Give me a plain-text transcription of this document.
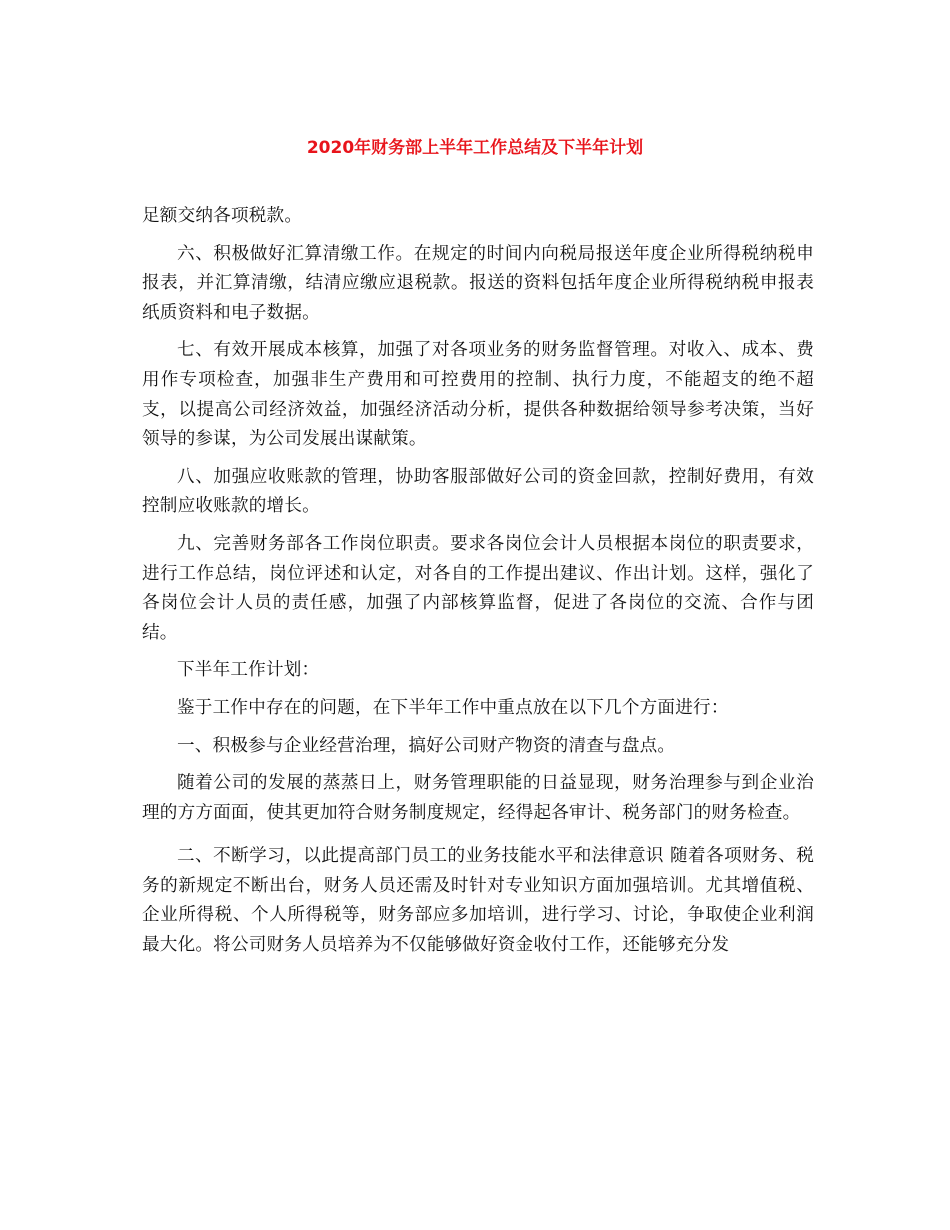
2020年财务部上半年工作总结及下半年计划

足额交纳各项税款。

六、积极做好汇算清缴工作。在规定的时间内向税局报送年度企业所得税纳税申报表，并汇算清缴，结清应缴应退税款。报送的资料包括年度企业所得税纳税申报表纸质资料和电子数据。

七、有效开展成本核算，加强了对各项业务的财务监督管理。对收入、成本、费用作专项检查，加强非生产费用和可控费用的控制、执行力度，不能超支的绝不超支，以提高公司经济效益，加强经济活动分析，提供各种数据给领导参考决策，当好领导的参谋，为公司发展出谋献策。

八、加强应收账款的管理，协助客服部做好公司的资金回款，控制好费用，有效控制应收账款的增长。

九、完善财务部各工作岗位职责。要求各岗位会计人员根据本岗位的职责要求，进行工作总结，岗位评述和认定，对各自的工作提出建议、作出计划。这样，强化了各岗位会计人员的责任感，加强了内部核算监督，促进了各岗位的交流、合作与团结。

下半年工作计划：

鉴于工作中存在的问题，在下半年工作中重点放在以下几个方面进行：

一、积极参与企业经营治理，搞好公司财产物资的清查与盘点。

随着公司的发展的蒸蒸日上，财务管理职能的日益显现，财务治理参与到企业治理的方方面面，使其更加符合财务制度规定，经得起各审计、税务部门的财务检查。

二、不断学习，以此提高部门员工的业务技能水平和法律意识 随着各项财务、税务的新规定不断出台，财务人员还需及时针对专业知识方面加强培训。尤其增值税、企业所得税、个人所得税等，财务部应多加培训，进行学习、讨论，争取使企业利润最大化。将公司财务人员培养为不仅能够做好资金收付工作，还能够充分发
